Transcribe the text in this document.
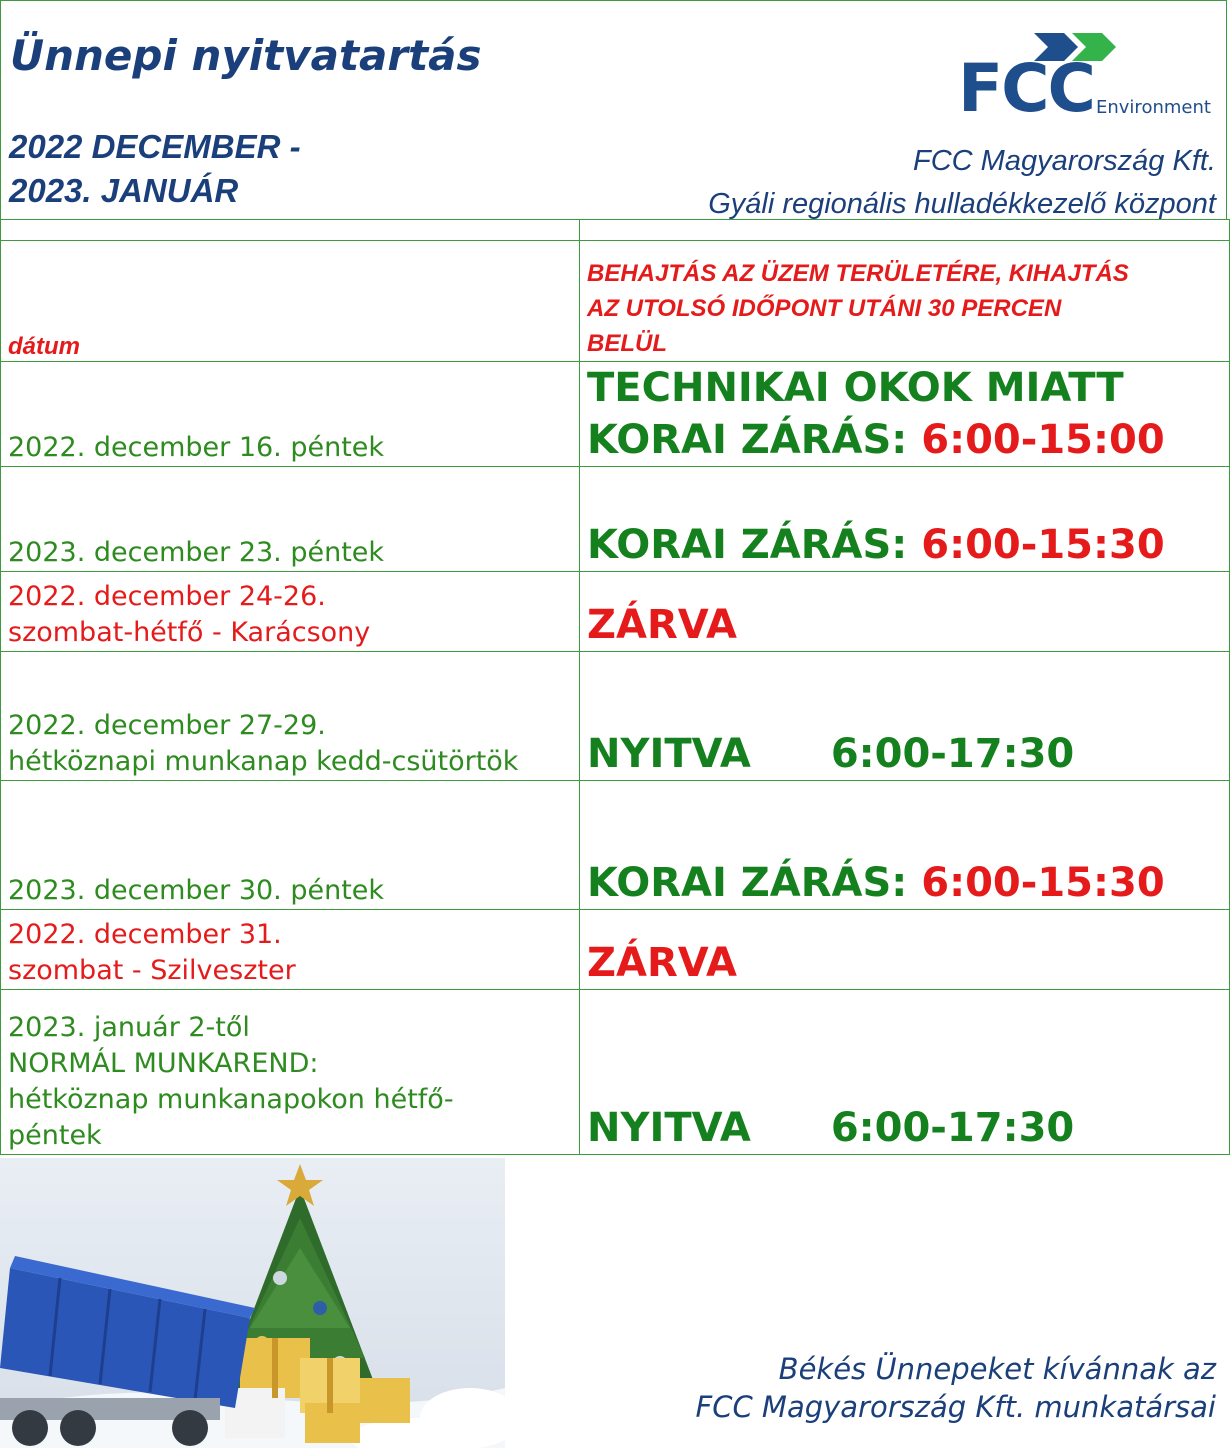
Ünnepi nyitvatartás
2022 DECEMBER -
2023. JANUÁR
FCC Environment
FCC Magyarország Kft.
Gyáli regionális hulladékkezelő központ

dátum	BEHAJTÁS AZ ÜZEM TERÜLETÉRE, KIHAJTÁS
AZ UTOLSÓ IDŐPONT UTÁNI 30 PERCEN
BELÜL

2022. december 16. péntek	TECHNIKAI OKOK MIATT
KORAI ZÁRÁS: 6:00-15:00

2023. december 23. péntek	KORAI ZÁRÁS: 6:00-15:30

2022. december 24-26.
szombat-hétfő - Karácsony	ZÁRVA

2022. december 27-29.
hétköznapi munkanap kedd-csütörtök	NYITVA 6:00-17:30

2023. december 30. péntek	KORAI ZÁRÁS: 6:00-15:30

2022. december 31.
szombat - Szilveszter	ZÁRVA

2023. január 2-től
NORMÁL MUNKAREND:
hétköznap munkanapokon hétfő-
péntek	NYITVA 6:00-17:30
Békés Ünnepeket kívánnak az
FCC Magyarország Kft. munkatársai
